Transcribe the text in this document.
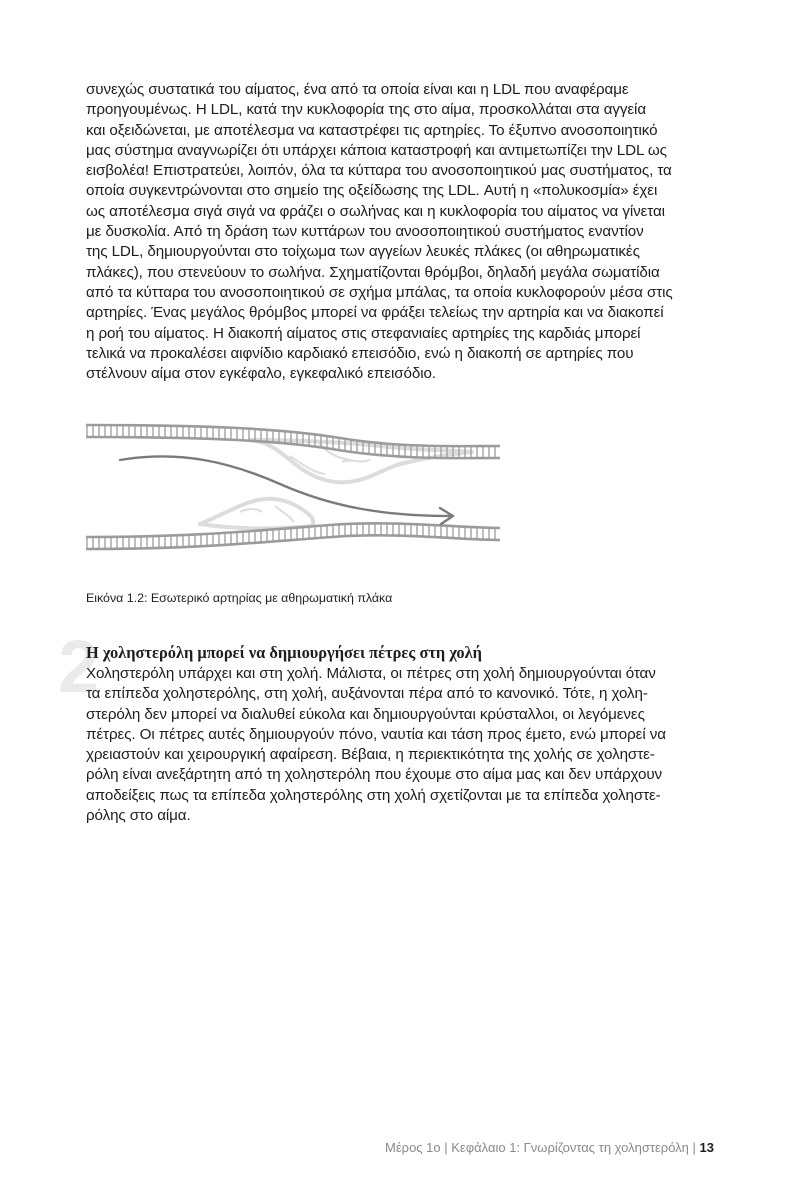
συνεχώς συστατικά του αίματος, ένα από τα οποία είναι και η LDL που αναφέραμε
προηγουμένως. Η LDL, κατά την κυκλοφορία της στο αίμα, προσκολλάται στα αγγεία
και οξειδώνεται, με αποτέλεσμα να καταστρέφει τις αρτηρίες. Το έξυπνο ανοσοποιητικό
μας σύστημα αναγνωρίζει ότι υπάρχει κάποια καταστροφή και αντιμετωπίζει την LDL ως
εισβολέα! Επιστρατεύει, λοιπόν, όλα τα κύτταρα του ανοσοποιητικού μας συστήματος, τα
οποία συγκεντρώνονται στο σημείο της οξείδωσης της LDL. Αυτή η «πολυκοσμία» έχει
ως αποτέλεσμα σιγά σιγά να φράζει ο σωλήνας και η κυκλοφορία του αίματος να γίνεται
με δυσκολία. Από τη δράση των κυττάρων του ανοσοποιητικού συστήματος εναντίον
της LDL, δημιουργούνται στο τοίχωμα των αγγείων λευκές πλάκες (οι αθηρωματικές
πλάκες), που στενεύουν το σωλήνα. Σχηματίζονται θρόμβοι, δηλαδή μεγάλα σωματίδια
από τα κύτταρα του ανοσοποιητικού σε σχήμα μπάλας, τα οποία κυκλοφορούν μέσα στις
αρτηρίες. Ένας μεγάλος θρόμβος μπορεί να φράξει τελείως την αρτηρία και να διακοπεί
η ροή του αίματος. Η διακοπή αίματος στις στεφανιαίες αρτηρίες της καρδιάς μπορεί
τελικά να προκαλέσει αιφνίδιο καρδιακό επεισόδιο, ενώ η διακοπή σε αρτηρίες που
στέλνουν αίμα στον εγκέφαλο, εγκεφαλικό επεισόδιο.
Εικόνα 1.2: Εσωτερικό αρτηρίας με αθηρωματική πλάκα
2
Η χοληστερόλη μπορεί να δημιουργήσει πέτρες στη χολή
Χοληστερόλη υπάρχει και στη χολή. Μάλιστα, οι πέτρες στη χολή δημιουργούνται όταν
τα επίπεδα χοληστερόλης, στη χολή, αυξάνονται πέρα από το κανονικό. Τότε, η χολη-
στερόλη δεν μπορεί να διαλυθεί εύκολα και δημιουργούνται κρύσταλλοι, οι λεγόμενες
πέτρες. Οι πέτρες αυτές δημιουργούν πόνο, ναυτία και τάση προς έμετο, ενώ μπορεί να
χρειαστούν και χειρουργική αφαίρεση. Βέβαια, η περιεκτικότητα της χολής σε χοληστε-
ρόλη είναι ανεξάρτητη από τη χοληστερόλη που έχουμε στο αίμα μας και δεν υπάρχουν
αποδείξεις πως τα επίπεδα χοληστερόλης στη χολή σχετίζονται με τα επίπεδα χοληστε-
ρόλης στο αίμα.
Μέρος 1ο | Κεφάλαιο 1: Γνωρίζοντας τη χοληστερόλη | 13
